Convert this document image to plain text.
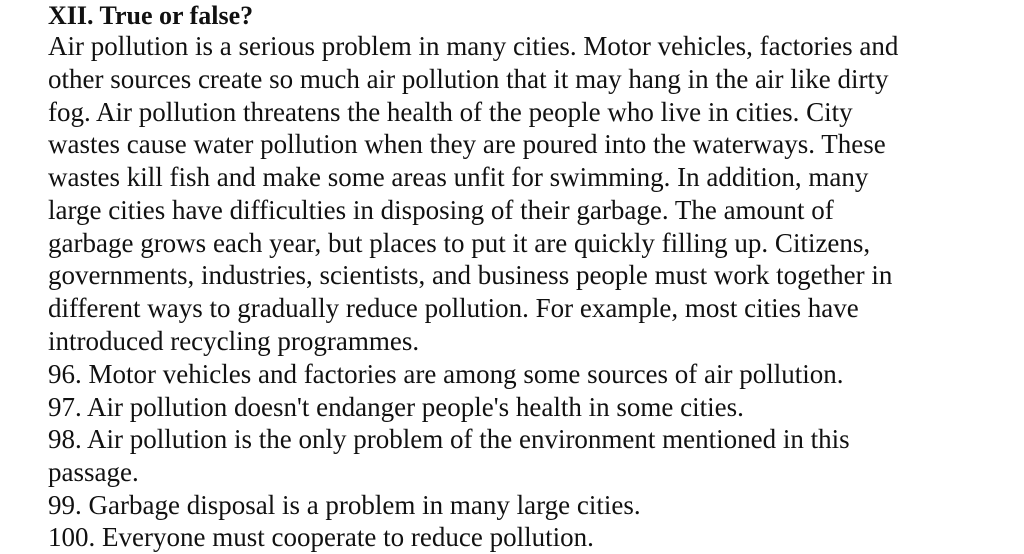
XII. True or false?
Air pollution is a serious problem in many cities. Motor vehicles, factories and
other sources create so much air pollution that it may hang in the air like dirty
fog. Air pollution threatens the health of the people who live in cities. City
wastes cause water pollution when they are poured into the waterways. These
wastes kill fish and make some areas unfit for swimming. In addition, many
large cities have difficulties in disposing of their garbage. The amount of
garbage grows each year, but places to put it are quickly filling up. Citizens,
governments, industries, scientists, and business people must work together in
different ways to gradually reduce pollution. For example, most cities have
introduced recycling programmes.
96. Motor vehicles and factories are among some sources of air pollution.
97. Air pollution doesn't endanger people's health in some cities.
98. Air pollution is the only problem of the environment mentioned in this
passage.
99. Garbage disposal is a problem in many large cities.
100. Everyone must cooperate to reduce pollution.
